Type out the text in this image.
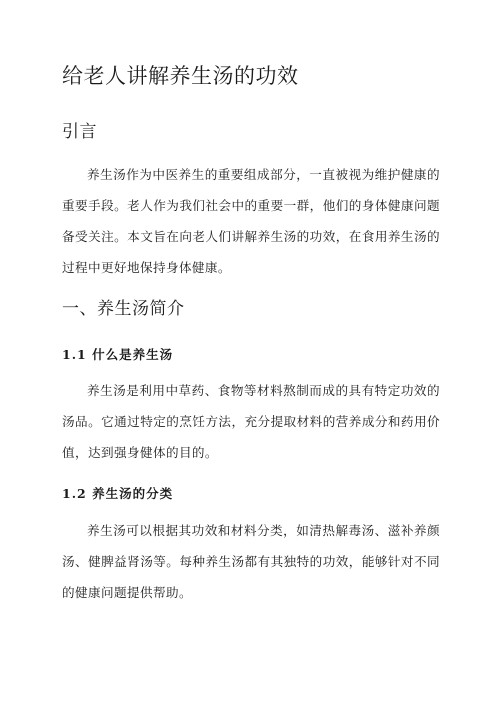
给老人讲解养生汤的功效
引言

养生汤作为中医养生的重要组成部分，一直被视为维护健康的重要手段。老人作为我们社会中的重要一群，他们的身体健康问题备受关注。本文旨在向老人们讲解养生汤的功效，在食用养生汤的过程中更好地保持身体健康。

一、养生汤简介
1.1 什么是养生汤

养生汤是利用中草药、食物等材料熬制而成的具有特定功效的汤品。它通过特定的烹饪方法，充分提取材料的营养成分和药用价值，达到强身健体的目的。

1.2 养生汤的分类

养生汤可以根据其功效和材料分类，如清热解毒汤、滋补养颜汤、健脾益肾汤等。每种养生汤都有其独特的功效，能够针对不同的健康问题提供帮助。
